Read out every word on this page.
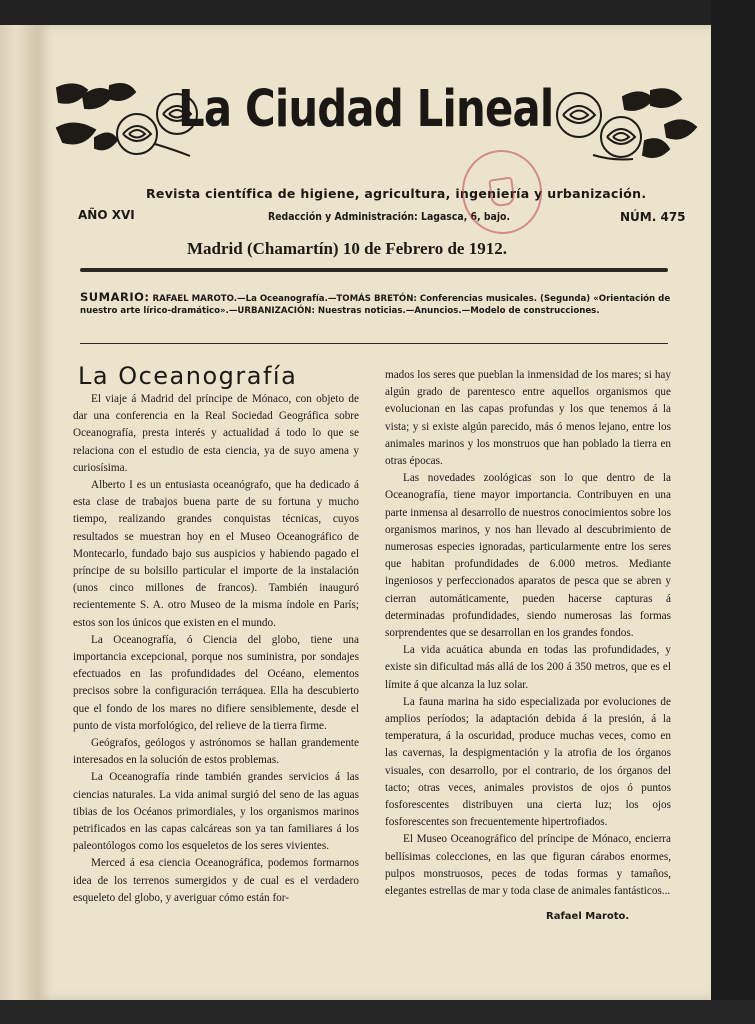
La Ciudad Lineal
Revista científica de higiene, agricultura, ingeniería y urbanización.
AÑO XVI	Redacción y Administración: Lagasca, 6, bajo.	NÚM. 475
Madrid (Chamartín) 10 de Febrero de 1912.
SUMARIO: RAFAEL MAROTO.—La Oceanografía.—TOMÁS BRETÓN: Conferencias musicales. (Segunda) «Orientación de nuestro arte lírico-dramático».—URBANIZACIÓN: Nuestras noticias.—Anuncios.—Modelo de construcciones.
La Oceanografía

El viaje á Madrid del príncipe de Mónaco, con objeto de dar una conferencia en la Real Sociedad Geográfica sobre Oceanografía, presta interés y actualidad á todo lo que se relaciona con el estudio de esta ciencia, ya de suyo amena y curiosísima.

Alberto I es un entusiasta oceanógrafo, que ha dedicado á esta clase de trabajos buena parte de su fortuna y mucho tiempo, realizando grandes conquistas técnicas, cuyos resultados se muestran hoy en el Museo Oceanográfico de Montecarlo, fundado bajo sus auspicios y habiendo pagado el príncipe de su bolsillo particular el importe de la instalación (unos cinco millones de francos). También inauguró recientemente S. A. otro Museo de la misma índole en París; estos son los únicos que existen en el mundo.

La Oceanografía, ó Ciencia del globo, tiene una importancia excepcional, porque nos suministra, por sondajes efectuados en las profundidades del Océano, elementos precisos sobre la configuración terráquea. Ella ha descubierto que el fondo de los mares no difiere sensiblemente, desde el punto de vista morfológico, del relieve de la tierra firme.

Geógrafos, geólogos y astrónomos se hallan grandemente interesados en la solución de estos problemas.

La Oceanografía rinde también grandes servicios á las ciencias naturales. La vida animal surgió del seno de las aguas tibias de los Océanos primordiales, y los organismos marinos petrificados en las capas calcáreas son ya tan familiares á los paleontólogos como los esqueletos de los seres vivientes.

Merced á esa ciencia Oceanográfica, podemos formarnos idea de los terrenos sumergidos y de cual es el verdadero esqueleto del globo, y averiguar cómo están for-

mados los seres que pueblan la inmensidad de los mares; si hay algún grado de parentesco entre aquellos organismos que evolucionan en las capas profundas y los que tenemos á la vista; y si existe algún parecido, más ó menos lejano, entre los animales marinos y los monstruos que han poblado la tierra en otras épocas.

Las novedades zoológicas son lo que dentro de la Oceanografía, tiene mayor importancia. Contribuyen en una parte inmensa al desarrollo de nuestros conocimientos sobre los organismos marinos, y nos han llevado al descubrimiento de numerosas especies ignoradas, particularmente entre los seres que habitan profundidades de 6.000 metros. Mediante ingeniosos y perfeccionados aparatos de pesca que se abren y cierran automáticamente, pueden hacerse capturas á determinadas profundidades, siendo numerosas las formas sorprendentes que se desarrollan en los grandes fondos.

La vida acuática abunda en todas las profundidades, y existe sin dificultad más allá de los 200 á 350 metros, que es el límite á que alcanza la luz solar.

La fauna marina ha sido especializada por evoluciones de amplios períodos; la adaptación debida á la presión, á la temperatura, á la oscuridad, produce muchas veces, como en las cavernas, la despigmentación y la atrofia de los órganos visuales, con desarrollo, por el contrario, de los órganos del tacto; otras veces, animales provistos de ojos ó puntos fosforescentes distribuyen una cierta luz; los ojos fosforescentes son frecuentemente hipertrofiados.

El Museo Oceanográfico del príncipe de Mónaco, encierra bellísimas colecciones, en las que figuran cárabos enormes, pulpos monstruosos, peces de todas formas y tamaños, elegantes estrellas de mar y toda clase de animales fantásticos...

Rafael Maroto.
